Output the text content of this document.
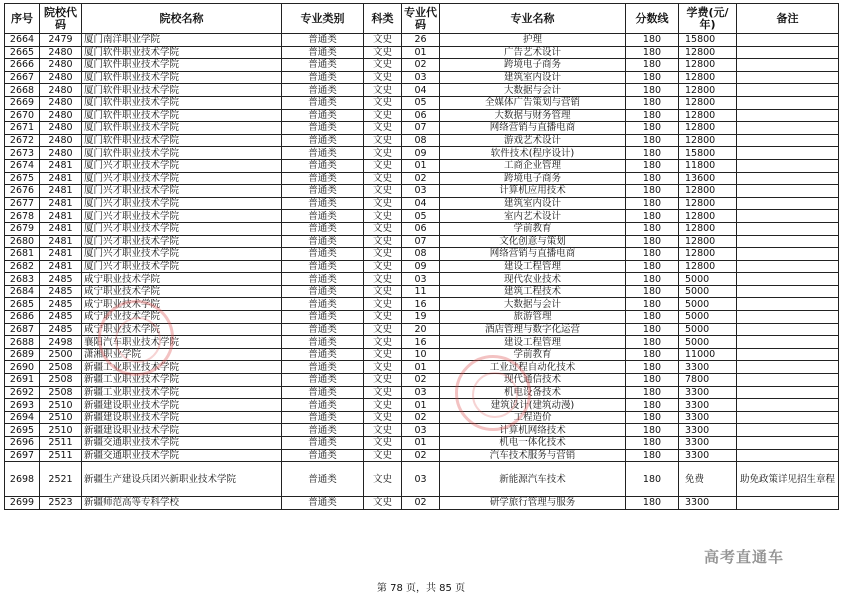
序号	院校代码	院校名称	专业类别	科类	专业代码	专业名称	分数线	学费(元/年)	备注
2664	2479	厦门南洋职业学院	普通类	文史	26	护理	180	15800	
2665	2480	厦门软件职业技术学院	普通类	文史	01	广告艺术设计	180	12800	
2666	2480	厦门软件职业技术学院	普通类	文史	02	跨境电子商务	180	12800	
2667	2480	厦门软件职业技术学院	普通类	文史	03	建筑室内设计	180	12800	
2668	2480	厦门软件职业技术学院	普通类	文史	04	大数据与会计	180	12800	
2669	2480	厦门软件职业技术学院	普通类	文史	05	全媒体广告策划与营销	180	12800	
2670	2480	厦门软件职业技术学院	普通类	文史	06	大数据与财务管理	180	12800	
2671	2480	厦门软件职业技术学院	普通类	文史	07	网络营销与直播电商	180	12800	
2672	2480	厦门软件职业技术学院	普通类	文史	08	游戏艺术设计	180	12800	
2673	2480	厦门软件职业技术学院	普通类	文史	09	软件技术(程序设计)	180	15800	
2674	2481	厦门兴才职业技术学院	普通类	文史	01	工商企业管理	180	11800	
2675	2481	厦门兴才职业技术学院	普通类	文史	02	跨境电子商务	180	13600	
2676	2481	厦门兴才职业技术学院	普通类	文史	03	计算机应用技术	180	12800	
2677	2481	厦门兴才职业技术学院	普通类	文史	04	建筑室内设计	180	12800	
2678	2481	厦门兴才职业技术学院	普通类	文史	05	室内艺术设计	180	12800	
2679	2481	厦门兴才职业技术学院	普通类	文史	06	学前教育	180	12800	
2680	2481	厦门兴才职业技术学院	普通类	文史	07	文化创意与策划	180	12800	
2681	2481	厦门兴才职业技术学院	普通类	文史	08	网络营销与直播电商	180	12800	
2682	2481	厦门兴才职业技术学院	普通类	文史	09	建设工程管理	180	12800	
2683	2485	咸宁职业技术学院	普通类	文史	03	现代农业技术	180	5000	
2684	2485	咸宁职业技术学院	普通类	文史	11	建筑工程技术	180	5000	
2685	2485	咸宁职业技术学院	普通类	文史	16	大数据与会计	180	5000	
2686	2485	咸宁职业技术学院	普通类	文史	19	旅游管理	180	5000	
2687	2485	咸宁职业技术学院	普通类	文史	20	酒店管理与数字化运营	180	5000	
2688	2498	襄阳汽车职业技术学院	普通类	文史	16	建设工程管理	180	5000	
2689	2500	潇湘职业学院	普通类	文史	10	学前教育	180	11000	
2690	2508	新疆工业职业技术学院	普通类	文史	01	工业过程自动化技术	180	3300	
2691	2508	新疆工业职业技术学院	普通类	文史	02	现代通信技术	180	7800	
2692	2508	新疆工业职业技术学院	普通类	文史	03	机电设备技术	180	3300	
2693	2510	新疆建设职业技术学院	普通类	文史	01	建筑设计(建筑动漫)	180	3300	
2694	2510	新疆建设职业技术学院	普通类	文史	02	工程造价	180	3300	
2695	2510	新疆建设职业技术学院	普通类	文史	03	计算机网络技术	180	3300	
2696	2511	新疆交通职业技术学院	普通类	文史	01	机电一体化技术	180	3300	
2697	2511	新疆交通职业技术学院	普通类	文史	02	汽车技术服务与营销	180	3300	
2698	2521	新疆生产建设兵团兴新职业技术学院	普通类	文史	03	新能源汽车技术	180	免费	助免政策详见招生章程
2699	2523	新疆师范高等专科学校	普通类	文史	02	研学旅行管理与服务	180	3300	
第 78 页，共 85 页
高考直通车
